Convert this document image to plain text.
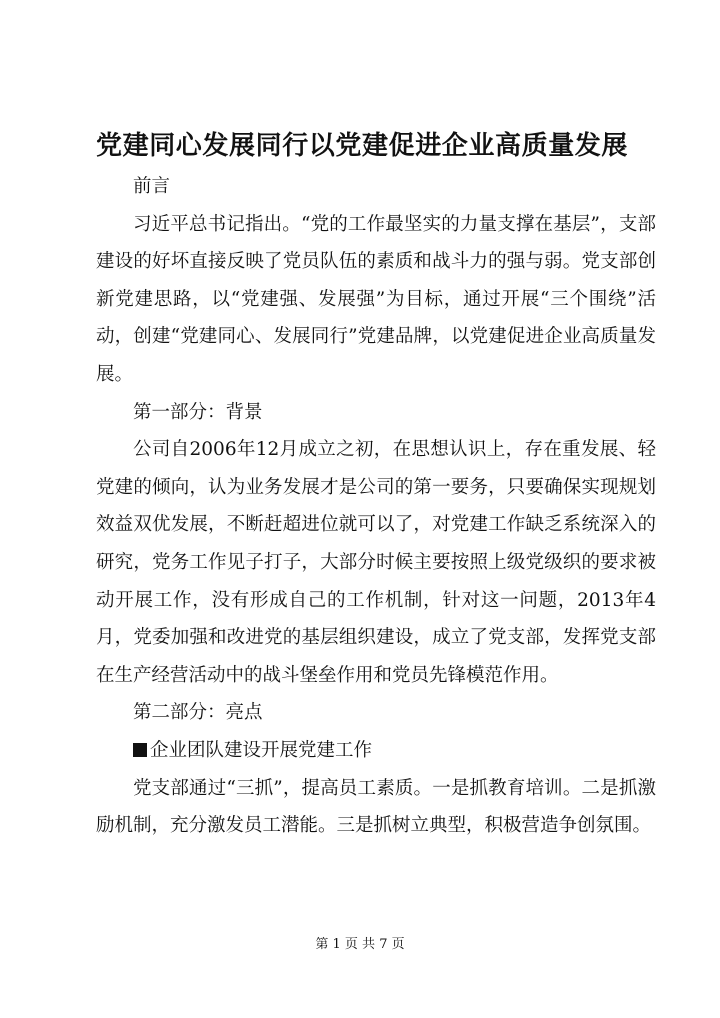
党建同心发展同行以党建促进企业高质量发展

前言

习近平总书记指出。“党的工作最坚实的力量支撑在基层”，支部建设的好坏直接反映了党员队伍的素质和战斗力的强与弱。党支部创新党建思路，以“党建强、发展强”为目标，通过开展“三个围绕”活动，创建“党建同心、发展同行”党建品牌，以党建促进企业高质量发展。

第一部分：背景

公司自2006年12月成立之初，在思想认识上，存在重发展、轻党建的倾向，认为业务发展才是公司的第一要务，只要确保实现规划效益双优发展，不断赶超进位就可以了，对党建工作缺乏系统深入的研究，党务工作见子打子，大部分时候主要按照上级党级织的要求被动开展工作，没有形成自己的工作机制，针对这一问题，2013年4月，党委加强和改进党的基层组织建设，成立了党支部，发挥党支部在生产经营活动中的战斗堡垒作用和党员先锋模范作用。

第二部分：亮点

企业团队建设开展党建工作

党支部通过“三抓”，提高员工素质。一是抓教育培训。二是抓激励机制，充分激发员工潜能。三是抓树立典型，积极营造争创氛围。

第 1 页 共 7 页
